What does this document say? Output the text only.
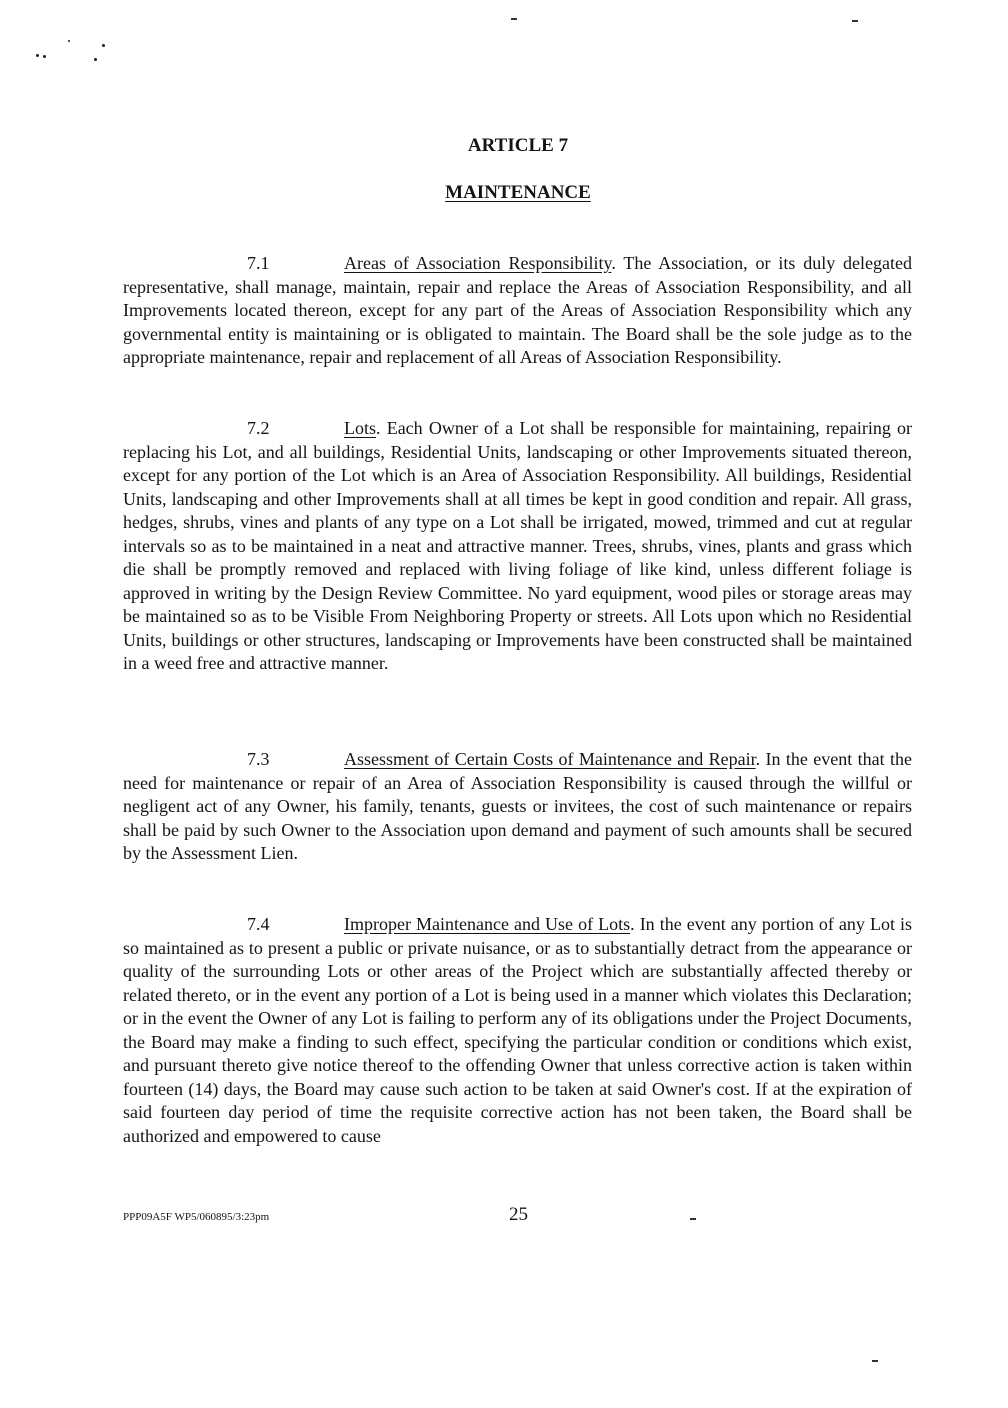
ARTICLE 7
MAINTENANCE

7.1	Areas of Association Responsibility. The Association, or its duly delegated representative, shall manage, maintain, repair and replace the Areas of Association Responsibility, and all Improvements located thereon, except for any part of the Areas of Association Responsibility which any governmental entity is maintaining or is obligated to maintain. The Board shall be the sole judge as to the appropriate maintenance, repair and replacement of all Areas of Association Responsibility.

7.2	Lots. Each Owner of a Lot shall be responsible for maintaining, repairing or replacing his Lot, and all buildings, Residential Units, landscaping or other Improvements situated thereon, except for any portion of the Lot which is an Area of Association Responsibility. All buildings, Residential Units, landscaping and other Improvements shall at all times be kept in good condition and repair. All grass, hedges, shrubs, vines and plants of any type on a Lot shall be irrigated, mowed, trimmed and cut at regular intervals so as to be maintained in a neat and attractive manner. Trees, shrubs, vines, plants and grass which die shall be promptly removed and replaced with living foliage of like kind, unless different foliage is approved in writing by the Design Review Committee. No yard equipment, wood piles or storage areas may be maintained so as to be Visible From Neighboring Property or streets. All Lots upon which no Residential Units, buildings or other structures, landscaping or Improvements have been constructed shall be maintained in a weed free and attractive manner.

7.3	Assessment of Certain Costs of Maintenance and Repair. In the event that the need for maintenance or repair of an Area of Association Responsibility is caused through the willful or negligent act of any Owner, his family, tenants, guests or invitees, the cost of such maintenance or repairs shall be paid by such Owner to the Association upon demand and payment of such amounts shall be secured by the Assessment Lien.

7.4	Improper Maintenance and Use of Lots. In the event any portion of any Lot is so maintained as to present a public or private nuisance, or as to substantially detract from the appearance or quality of the surrounding Lots or other areas of the Project which are substantially affected thereby or related thereto, or in the event any portion of a Lot is being used in a manner which violates this Declaration; or in the event the Owner of any Lot is failing to perform any of its obligations under the Project Documents, the Board may make a finding to such effect, specifying the particular condition or conditions which exist, and pursuant thereto give notice thereof to the offending Owner that unless corrective action is taken within fourteen (14) days, the Board may cause such action to be taken at said Owner's cost. If at the expiration of said fourteen day period of time the requisite corrective action has not been taken, the Board shall be authorized and empowered to cause

PPP09A5F WP5/060895/3:23pm	25
